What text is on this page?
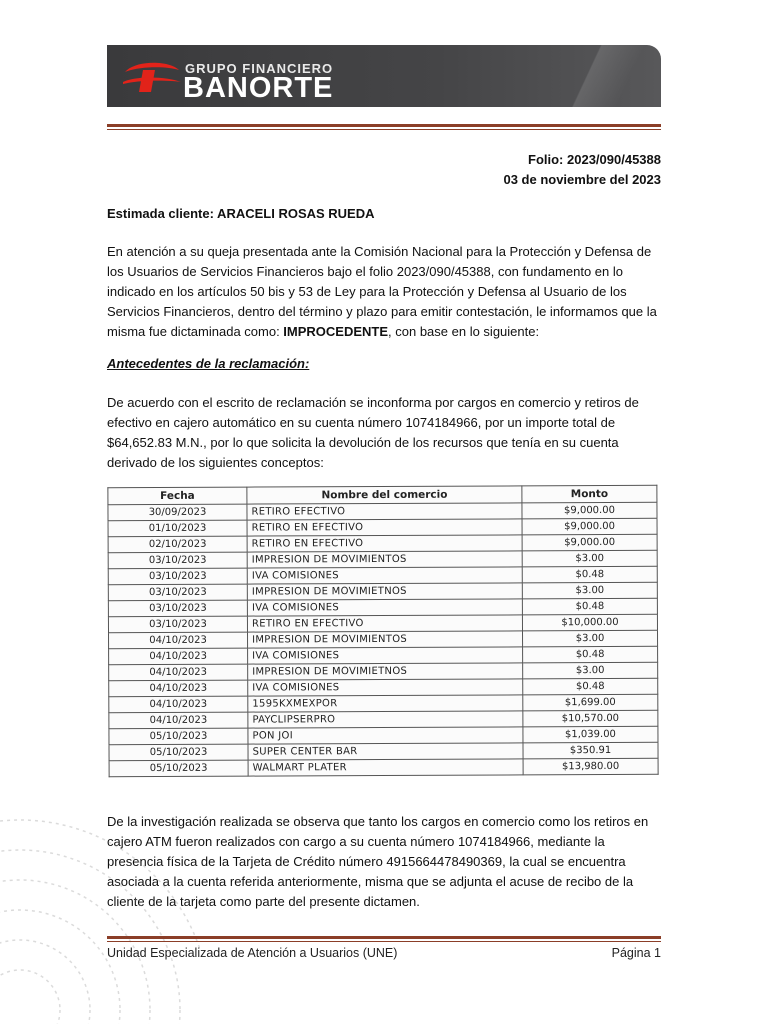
GRUPO FINANCIERO
BANORTE
Folio: 2023/090/45388
03 de noviembre del 2023
Estimada cliente: ARACELI ROSAS RUEDA
En atención a su queja presentada ante la Comisión Nacional para la Protección y Defensa de los Usuarios de Servicios Financieros bajo el folio 2023/090/45388, con fundamento en lo indicado en los artículos 50 bis y 53 de Ley para la Protección y Defensa al Usuario de los Servicios Financieros, dentro del término y plazo para emitir contestación, le informamos que la misma fue dictaminada como: IMPROCEDENTE, con base en lo siguiente:
Antecedentes de la reclamación:
De acuerdo con el escrito de reclamación se inconforma por cargos en comercio y retiros de efectivo en cajero automático en su cuenta número 1074184966, por un importe total de $64,652.83 M.N., por lo que solicita la devolución de los recursos que tenía en su cuenta derivado de los siguientes conceptos:
Fecha	Nombre del comercio	Monto
30/09/2023	RETIRO EFECTIVO	$9,000.00
01/10/2023	RETIRO EN EFECTIVO	$9,000.00
02/10/2023	RETIRO EN EFECTIVO	$9,000.00
03/10/2023	IMPRESION DE MOVIMIENTOS	$3.00
03/10/2023	IVA COMISIONES	$0.48
03/10/2023	IMPRESION DE MOVIMIETNOS	$3.00
03/10/2023	IVA COMISIONES	$0.48
03/10/2023	RETIRO EN EFECTIVO	$10,000.00
04/10/2023	IMPRESION DE MOVIMIENTOS	$3.00
04/10/2023	IVA COMISIONES	$0.48
04/10/2023	IMPRESION DE MOVIMIETNOS	$3.00
04/10/2023	IVA COMISIONES	$0.48
04/10/2023	1595KXMEXPOR	$1,699.00
04/10/2023	PAYCLIPSERPRO	$10,570.00
05/10/2023	PON JOI	$1,039.00
05/10/2023	SUPER CENTER BAR	$350.91
05/10/2023	WALMART PLATER	$13,980.00
De la investigación realizada se observa que tanto los cargos en comercio como los retiros en cajero ATM fueron realizados con cargo a su cuenta número 1074184966, mediante la presencia física de la Tarjeta de Crédito número 4915664478490369, la cual se encuentra asociada a la cuenta referida anteriormente, misma que se adjunta el acuse de recibo de la cliente de la tarjeta como parte del presente dictamen.
Unidad Especializada de Atención a Usuarios (UNE)	Página 1
